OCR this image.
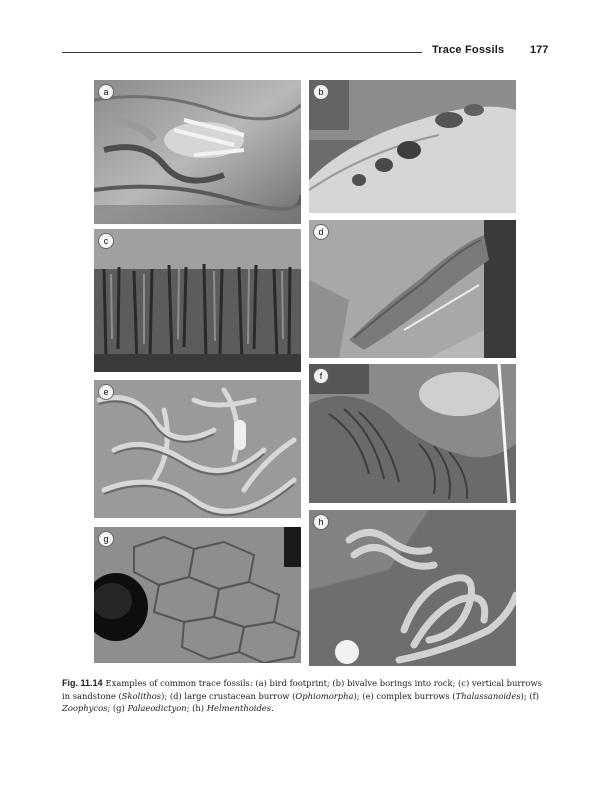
Trace Fossils 177
a	b
c
d
e
f
g
h
Fig. 11.14 Examples of common trace fossils: (a) bird footprint; (b) bivalve borings into rock; (c) vertical burrows in sandstone (Skolithos); (d) large crustacean burrow (Ophiomorpha); (e) complex burrows (Thalassanoides); (f) Zoophycos; (g) Palaeodictyon; (h) Helmenthoides.
